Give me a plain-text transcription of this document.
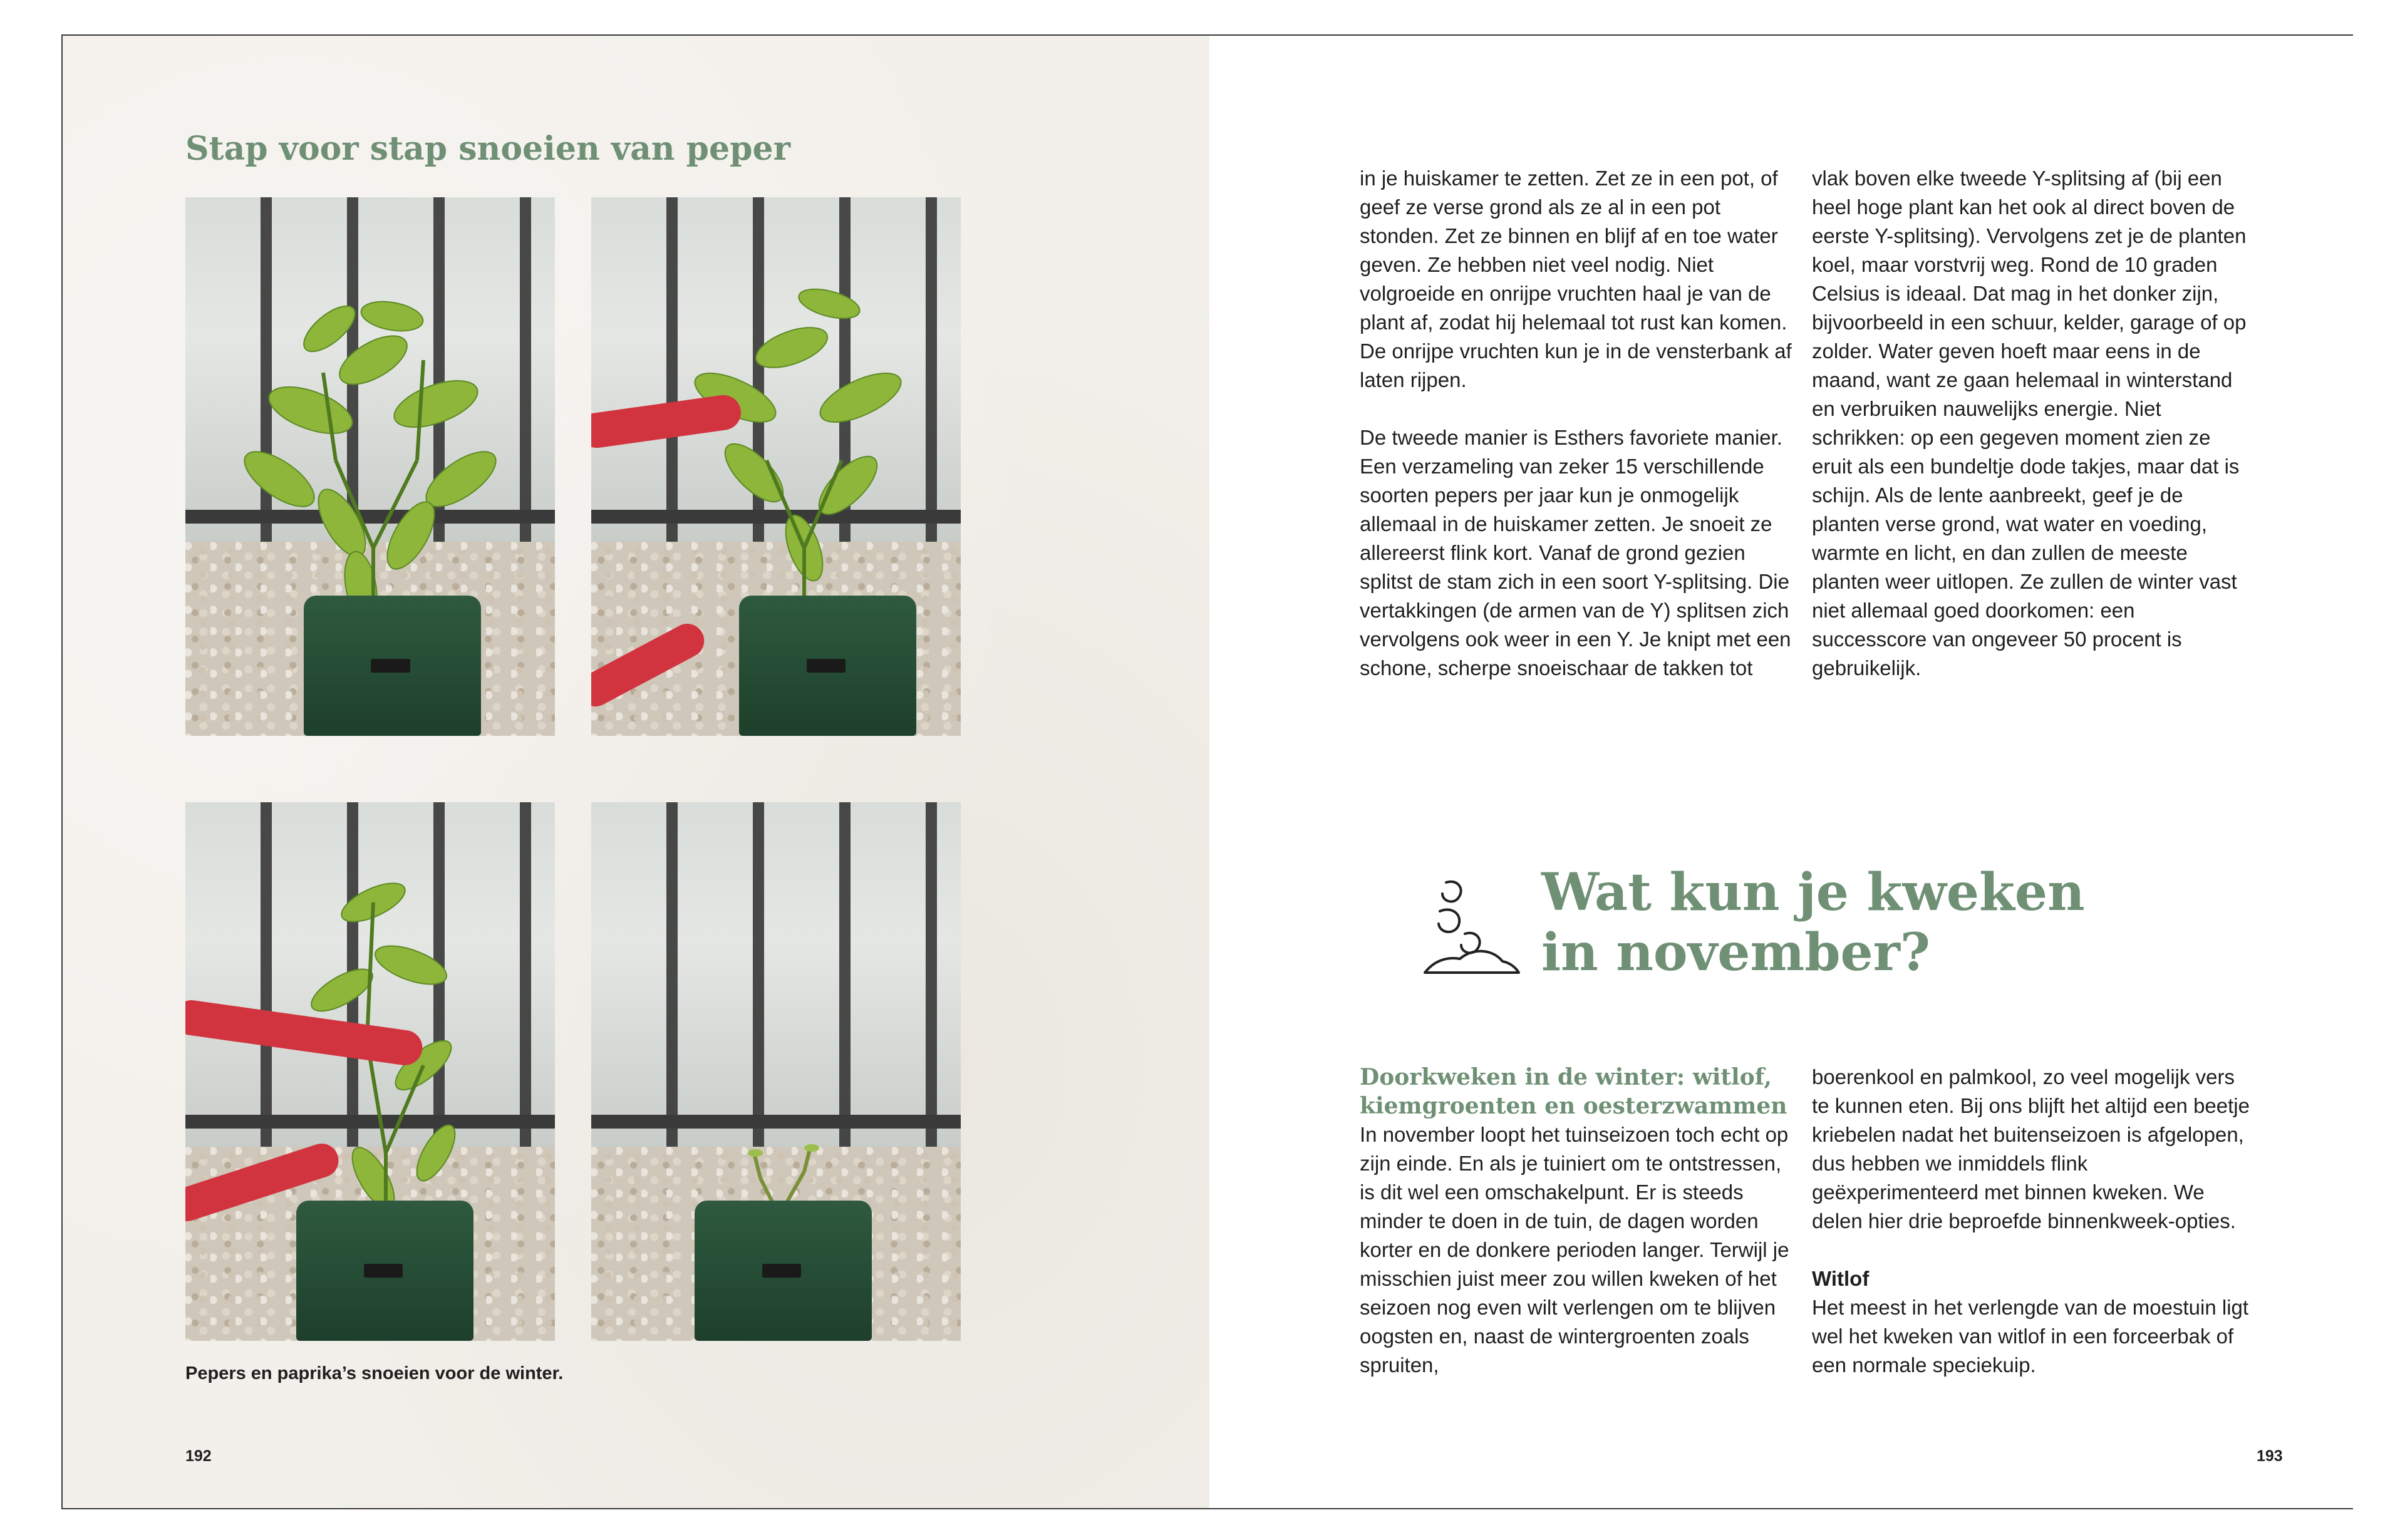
Stap voor stap snoeien van peper
Pepers en paprika’s snoeien voor de winter.
192

in je huiskamer te zetten. Zet ze in een pot, of geef ze verse grond als ze al in een pot stonden. Zet ze binnen en blijf af en toe water geven. Ze hebben niet veel nodig. Niet volgroeide en onrijpe vruchten haal je van de plant af, zodat hij helemaal tot rust kan komen. De onrijpe vruchten kun je in de vensterbank af laten rijpen.

De tweede manier is Esthers favoriete manier. Een verzameling van zeker 15 verschillende soorten pepers per jaar kun je onmogelijk allemaal in de huiskamer zetten. Je snoeit ze allereerst flink kort. Vanaf de grond gezien splitst de stam zich in een soort Y-splitsing. Die vertakkingen (de armen van de Y) splitsen zich vervolgens ook weer in een Y. Je knipt met een schone, scherpe snoeischaar de takken tot

vlak boven elke tweede Y-splitsing af (bij een heel hoge plant kan het ook al direct boven de eerste Y-splitsing). Vervolgens zet je de planten koel, maar vorstvrij weg. Rond de 10 graden Celsius is ideaal. Dat mag in het donker zijn, bijvoorbeeld in een schuur, kelder, garage of op zolder. Water geven hoeft maar eens in de maand, want ze gaan helemaal in winterstand en verbruiken nauwelijks energie. Niet schrikken: op een gegeven moment zien ze eruit als een bundeltje dode takjes, maar dat is schijn. Als de lente aanbreekt, geef je de planten verse grond, wat water en voeding, warmte en licht, en dan zullen de meeste planten weer uitlopen. Ze zullen de winter vast niet allemaal goed doorkomen: een successcore van ongeveer 50 procent is gebruikelijk.

Wat kun je kweken
in november?
Doorkweken in de winter: witlof, kiemgroenten en oesterzwammen

In november loopt het tuinseizoen toch echt op zijn einde. En als je tuiniert om te ontstressen, is dit wel een omschakelpunt. Er is steeds minder te doen in de tuin, de dagen worden korter en de donkere perioden langer. Terwijl je misschien juist meer zou willen kweken of het seizoen nog even wilt verlengen om te blijven oogsten en, naast de wintergroenten zoals spruiten,

boerenkool en palmkool, zo veel mogelijk vers te kunnen eten. Bij ons blijft het altijd een beetje kriebelen nadat het buitenseizoen is afgelopen, dus hebben we inmiddels flink geëxperimenteerd met binnen kweken. We delen hier drie beproefde binnenkweek-opties.

Witlof

Het meest in het verlengde van de moestuin ligt wel het kweken van witlof in een forceerbak of een normale speciekuip.

193
